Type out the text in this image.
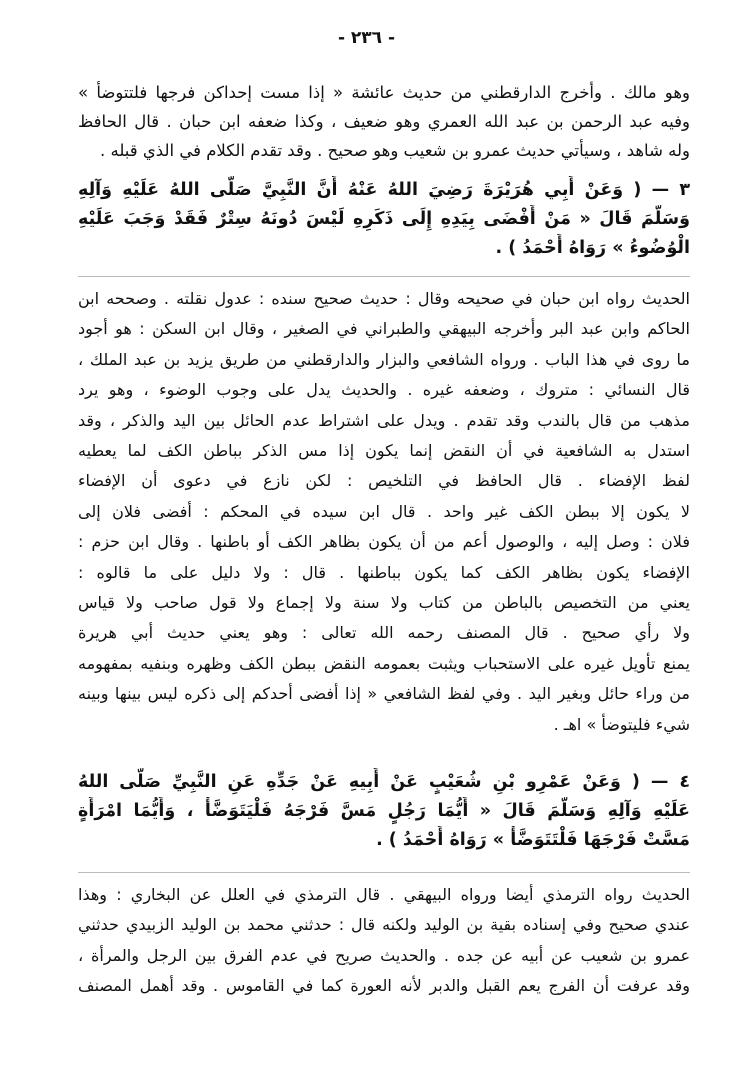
- ٢٣٦ -
وهو مالك . وأخرج الدارقطني من حديث عائشة « إذا مست إحداكن فرجها فلتتوضأ »
وفيه عبد الرحمن بن عبد الله العمري وهو ضعيف ، وكذا ضعفه ابن حبان . قال الحافظ
وله شاهد ، وسيأتي حديث عمرو بن شعيب وهو صحيح . وقد تقدم الكلام في الذي قبله .
٣ — ( وَعَنْ أَبِي هُرَيْرَةَ رَضِيَ اللهُ عَنْهُ أَنَّ النَّبِيَّ صَلَّى اللهُ عَلَيْهِ وَآلِهِ
وَسَلَّمَ قَالَ « مَنْ أَفْضَى بِيَدِهِ إِلَى ذَكَرِهِ لَيْسَ دُونَهُ سِتْرٌ فَقَدْ وَجَبَ عَلَيْهِ
الْوُضُوءُ » رَوَاهُ أَحْمَدُ ) .
الحديث رواه ابن حبان في صحيحه وقال : حديث صحيح سنده : عدول نقلته . وصححه ابن
الحاكم وابن عبد البر وأخرجه البيهقي والطبراني في الصغير ، وقال ابن السكن : هو أجود
ما روى في هذا الباب . ورواه الشافعي والبزار والدارقطني من طريق يزيد بن عبد الملك ،
قال النسائي : متروك ، وضعفه غيره . والحديث يدل على وجوب الوضوء ، وهو يرد
مذهب من قال بالندب وقد تقدم . ويدل على اشتراط عدم الحائل بين اليد والذكر ، وقد
استدل به الشافعية في أن النقض إنما يكون إذا مس الذكر بباطن الكف لما يعطيه
لفظ الإفضاء . قال الحافظ في التلخيص : لكن نازع في دعوى أن الإفضاء
لا يكون إلا ببطن الكف غير واحد . قال ابن سيده في المحكم : أفضى فلان إلى
فلان : وصل إليه ، والوصول أعم من أن يكون بظاهر الكف أو باطنها . وقال ابن حزم :
الإفضاء يكون بظاهر الكف كما يكون بباطنها . قال : ولا دليل على ما قالوه :
يعني من التخصيص بالباطن من كتاب ولا سنة ولا إجماع ولا قول صاحب ولا قياس
ولا رأي صحيح . قال المصنف رحمه الله تعالى : وهو يعني حديث أبي هريرة
يمنع تأويل غيره على الاستحباب ويثبت بعمومه النقض ببطن الكف وظهره وبنفيه بمفهومه
من وراء حائل وبغير اليد . وفي لفظ الشافعي « إذا أفضى أحدكم إلى ذكره ليس بينها وبينه
شيء فليتوضأ » اهـ .
٤ — ( وَعَنْ عَمْرِو بْنِ شُعَيْبٍ عَنْ أَبِيهِ عَنْ جَدِّهِ عَنِ النَّبِيِّ صَلَّى اللهُ
عَلَيْهِ وَآلِهِ وَسَلَّمَ قَالَ « أَيُّمَا رَجُلٍ مَسَّ فَرْجَهُ فَلْيَتَوَضَّأْ ، وَأَيُّمَا امْرَأَةٍ
مَسَّتْ فَرْجَهَا فَلْتَتَوَضَّأْ » رَوَاهُ أَحْمَدُ ) .
الحديث رواه الترمذي أيضا ورواه البيهقي . قال الترمذي في العلل عن البخاري : وهذا
عندي صحيح وفي إسناده بقية بن الوليد ولكنه قال : حدثني محمد بن الوليد الزبيدي حدثني
عمرو بن شعيب عن أبيه عن جده . والحديث صريح في عدم الفرق بين الرجل والمرأة ،
وقد عرفت أن الفرج يعم القبل والدبر لأنه العورة كما في القاموس . وقد أهمل المصنف
